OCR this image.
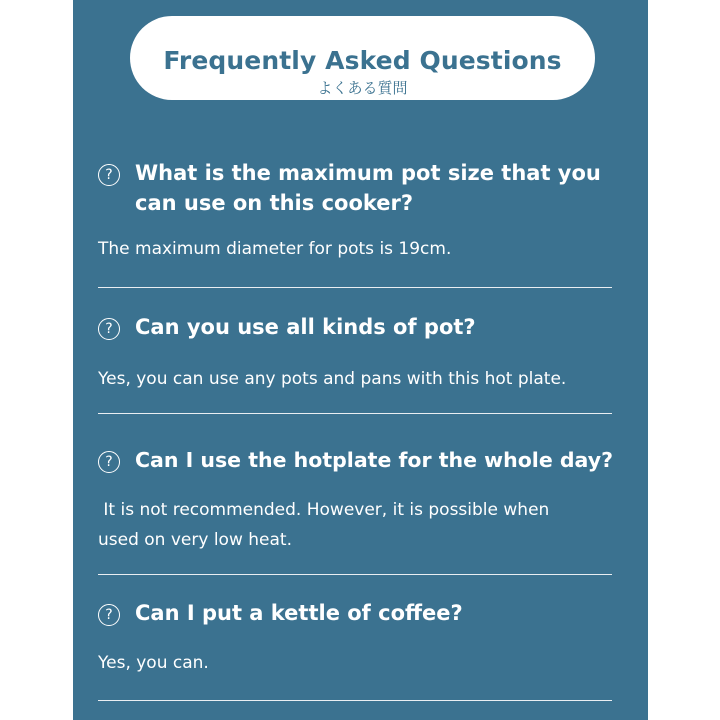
Frequently Asked Questions
よくある質問
?	What is the maximum pot size that you can use on this cooker?
The maximum diameter for pots is 19cm.
?	Can you use all kinds of pot?
Yes, you can use any pots and pans with this hot plate.
?	Can I use the hotplate for the whole day?
It is not recommended. However, it is possible when used on very low heat.
?	Can I put a kettle of coffee?
Yes, you can.
